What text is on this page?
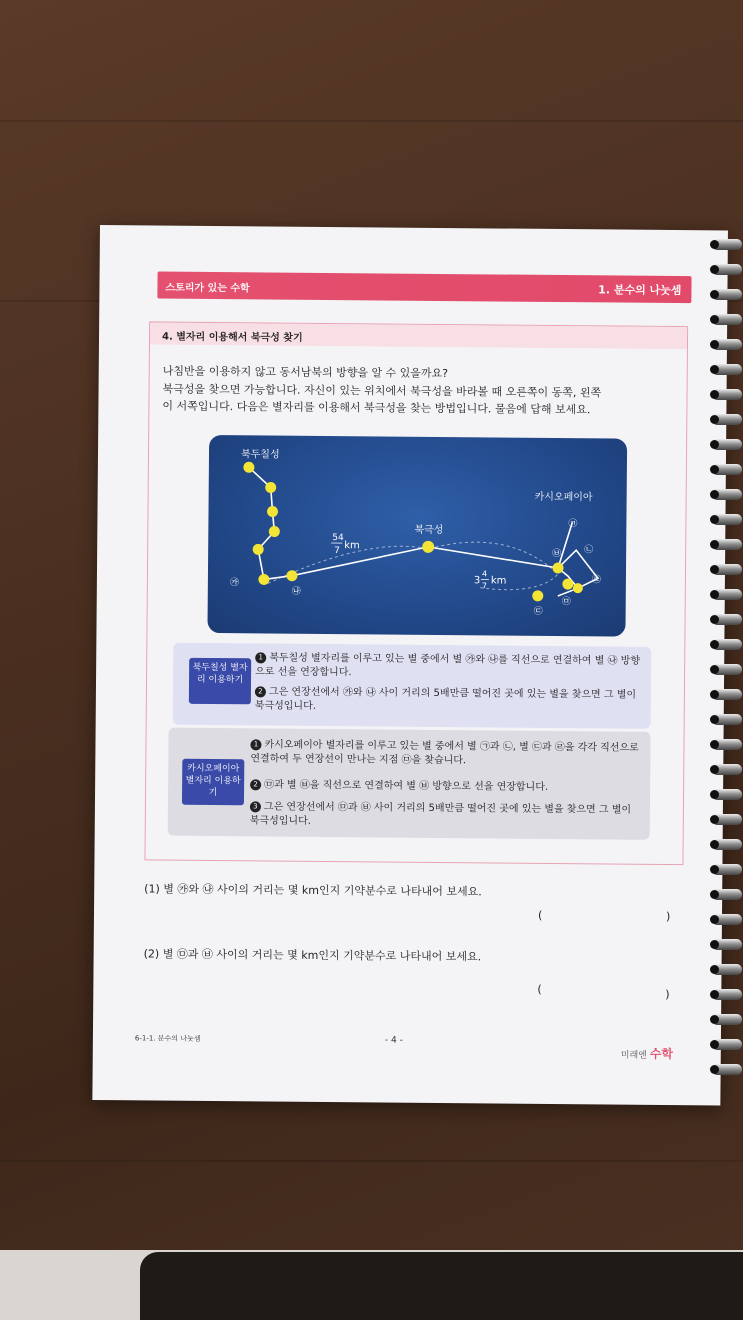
스토리가 있는 수학	1. 분수의 나눗셈
4. 별자리 이용해서 북극성 찾기
나침반을 이용하지 않고 동서남북의 방향을 알 수 있을까요?
북극성을 찾으면 가능합니다. 자신이 있는 위치에서 북극성을 바라볼 때 오른쪽이 동쪽, 왼쪽
이 서쪽입니다. 다음은 별자리를 이용해서 북극성을 찾는 방법입니다. 물음에 답해 보세요.
북두칠성
카시오페이아
북극성
㉮
㉯
㉠
㉡
㉢
㉣
㉤
㉥
54
7 km
3
4
7 km
북두칠성 별자리 이용하기
1 북두칠성 별자리를 이루고 있는 별 중에서 별 ㉮와 ㉯를 직선으로 연결하여 별 ㉯ 방향으로 선을 연장합니다.
2 그은 연장선에서 ㉮와 ㉯ 사이 거리의 5배만큼 떨어진 곳에 있는 별을 찾으면 그 별이 북극성입니다.
카시오페이아 별자리 이용하기
1 카시오페이아 별자리를 이루고 있는 별 중에서 별 ㉠과 ㉡, 별 ㉢과 ㉣을 각각 직선으로 연결하여 두 연장선이 만나는 지점 ㉤을 찾습니다.
2 ㉤과 별 ㉥을 직선으로 연결하여 별 ㉥ 방향으로 선을 연장합니다.
3 그은 연장선에서 ㉤과 ㉥ 사이 거리의 5배만큼 떨어진 곳에 있는 별을 찾으면 그 별이 북극성입니다.
(1) 별 ㉮와 ㉯ 사이의 거리는 몇 km인지 기약분수로 나타내어 보세요.
(	)
(2) 별 ㉤과 ㉥ 사이의 거리는 몇 km인지 기약분수로 나타내어 보세요.
(	)
6-1-1. 분수의 나눗셈	- 4 -
미래엔 수학
